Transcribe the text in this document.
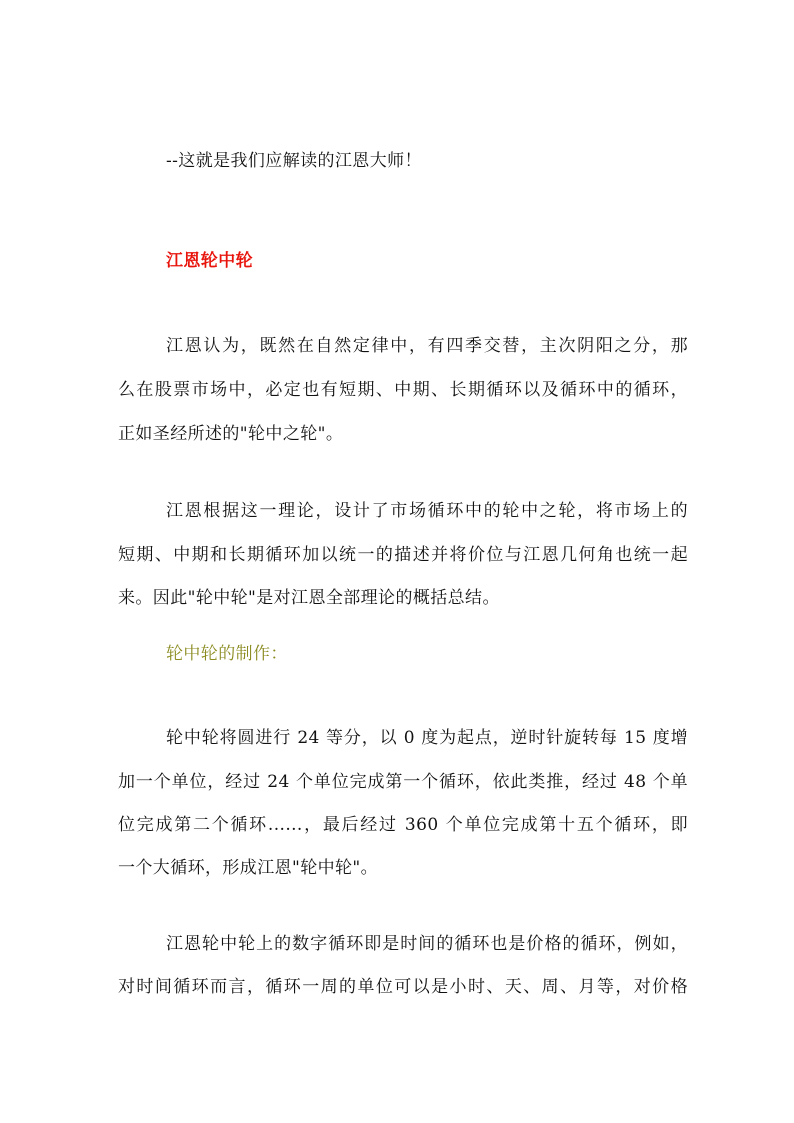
--这就是我们应解读的江恩大师！
江恩轮中轮
江恩认为，既然在自然定律中，有四季交替，主次阴阳之分，那
么在股票市场中，必定也有短期、中期、长期循环以及循环中的循环，
正如圣经所述的"轮中之轮"。
江恩根据这一理论，设计了市场循环中的轮中之轮，将市场上的
短期、中期和长期循环加以统一的描述并将价位与江恩几何角也统一起
来。因此"轮中轮"是对江恩全部理论的概括总结。
轮中轮的制作：
轮中轮将圆进行 24 等分，以 0 度为起点，逆时针旋转每 15 度增
加一个单位，经过 24 个单位完成第一个循环，依此类推，经过 48 个单
位完成第二个循环......，最后经过 360 个单位完成第十五个循环，即
一个大循环，形成江恩"轮中轮"。
江恩轮中轮上的数字循环即是时间的循环也是价格的循环，例如，
对时间循环而言，循环一周的单位可以是小时、天、周、月等，对价格
